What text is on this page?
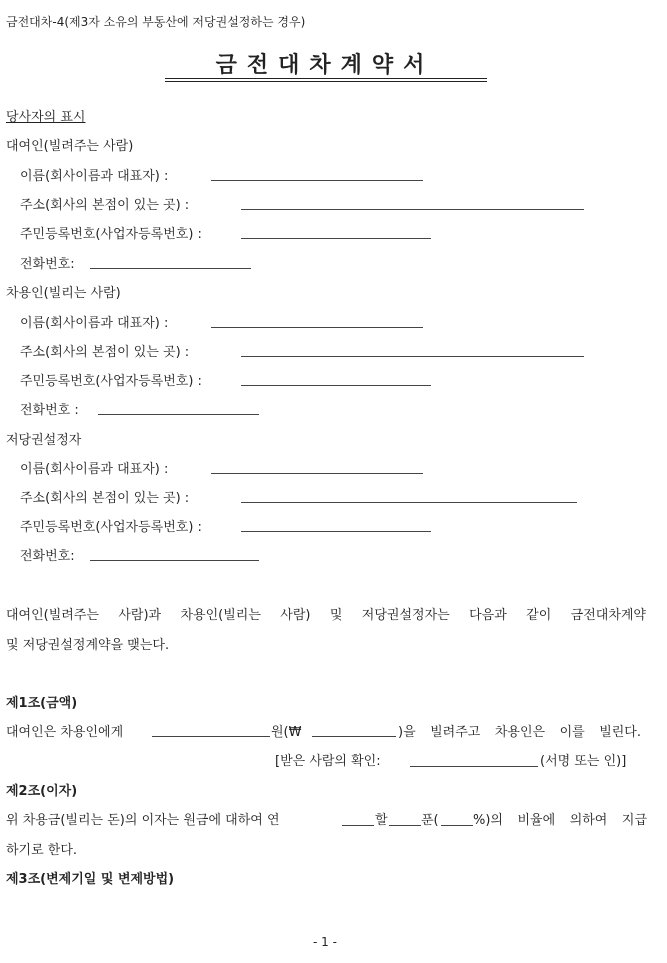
금전대차-4(제3자 소유의 부동산에 저당권설정하는 경우)
금전대차계약서
당사자의 표시
대여인(빌려주는 사람)
이름(회사이름과 대표자) :
주소(회사의 본점이 있는 곳) :
주민등록번호(사업자등록번호) :
전화번호:
차용인(빌리는 사람)
이름(회사이름과 대표자) :
주소(회사의 본점이 있는 곳) :
주민등록번호(사업자등록번호) :
전화번호 :
저당권설정자
이름(회사이름과 대표자) :
주소(회사의 본점이 있는 곳) :
주민등록번호(사업자등록번호) :
전화번호:
대여인(빌려주는 사람)과 차용인(빌리는 사람) 및 저당권설정자는 다음과 같이 금전대차계약
및 저당권설정계약을 맺는다.
제1조(금액)
대여인은 차용인에게	원(₩	)을 빌려주고 차용인은 이를 빌린다.
[받은 사람의 확인:	(서명 또는 인)]
제2조(이자)
위 차용금(빌리는 돈)의 이자는 원금에 대하여 연	할	푼(	%)의 비율에 의하여 지급
하기로 한다.
제3조(변제기일 및 변제방법)
- 1 -
